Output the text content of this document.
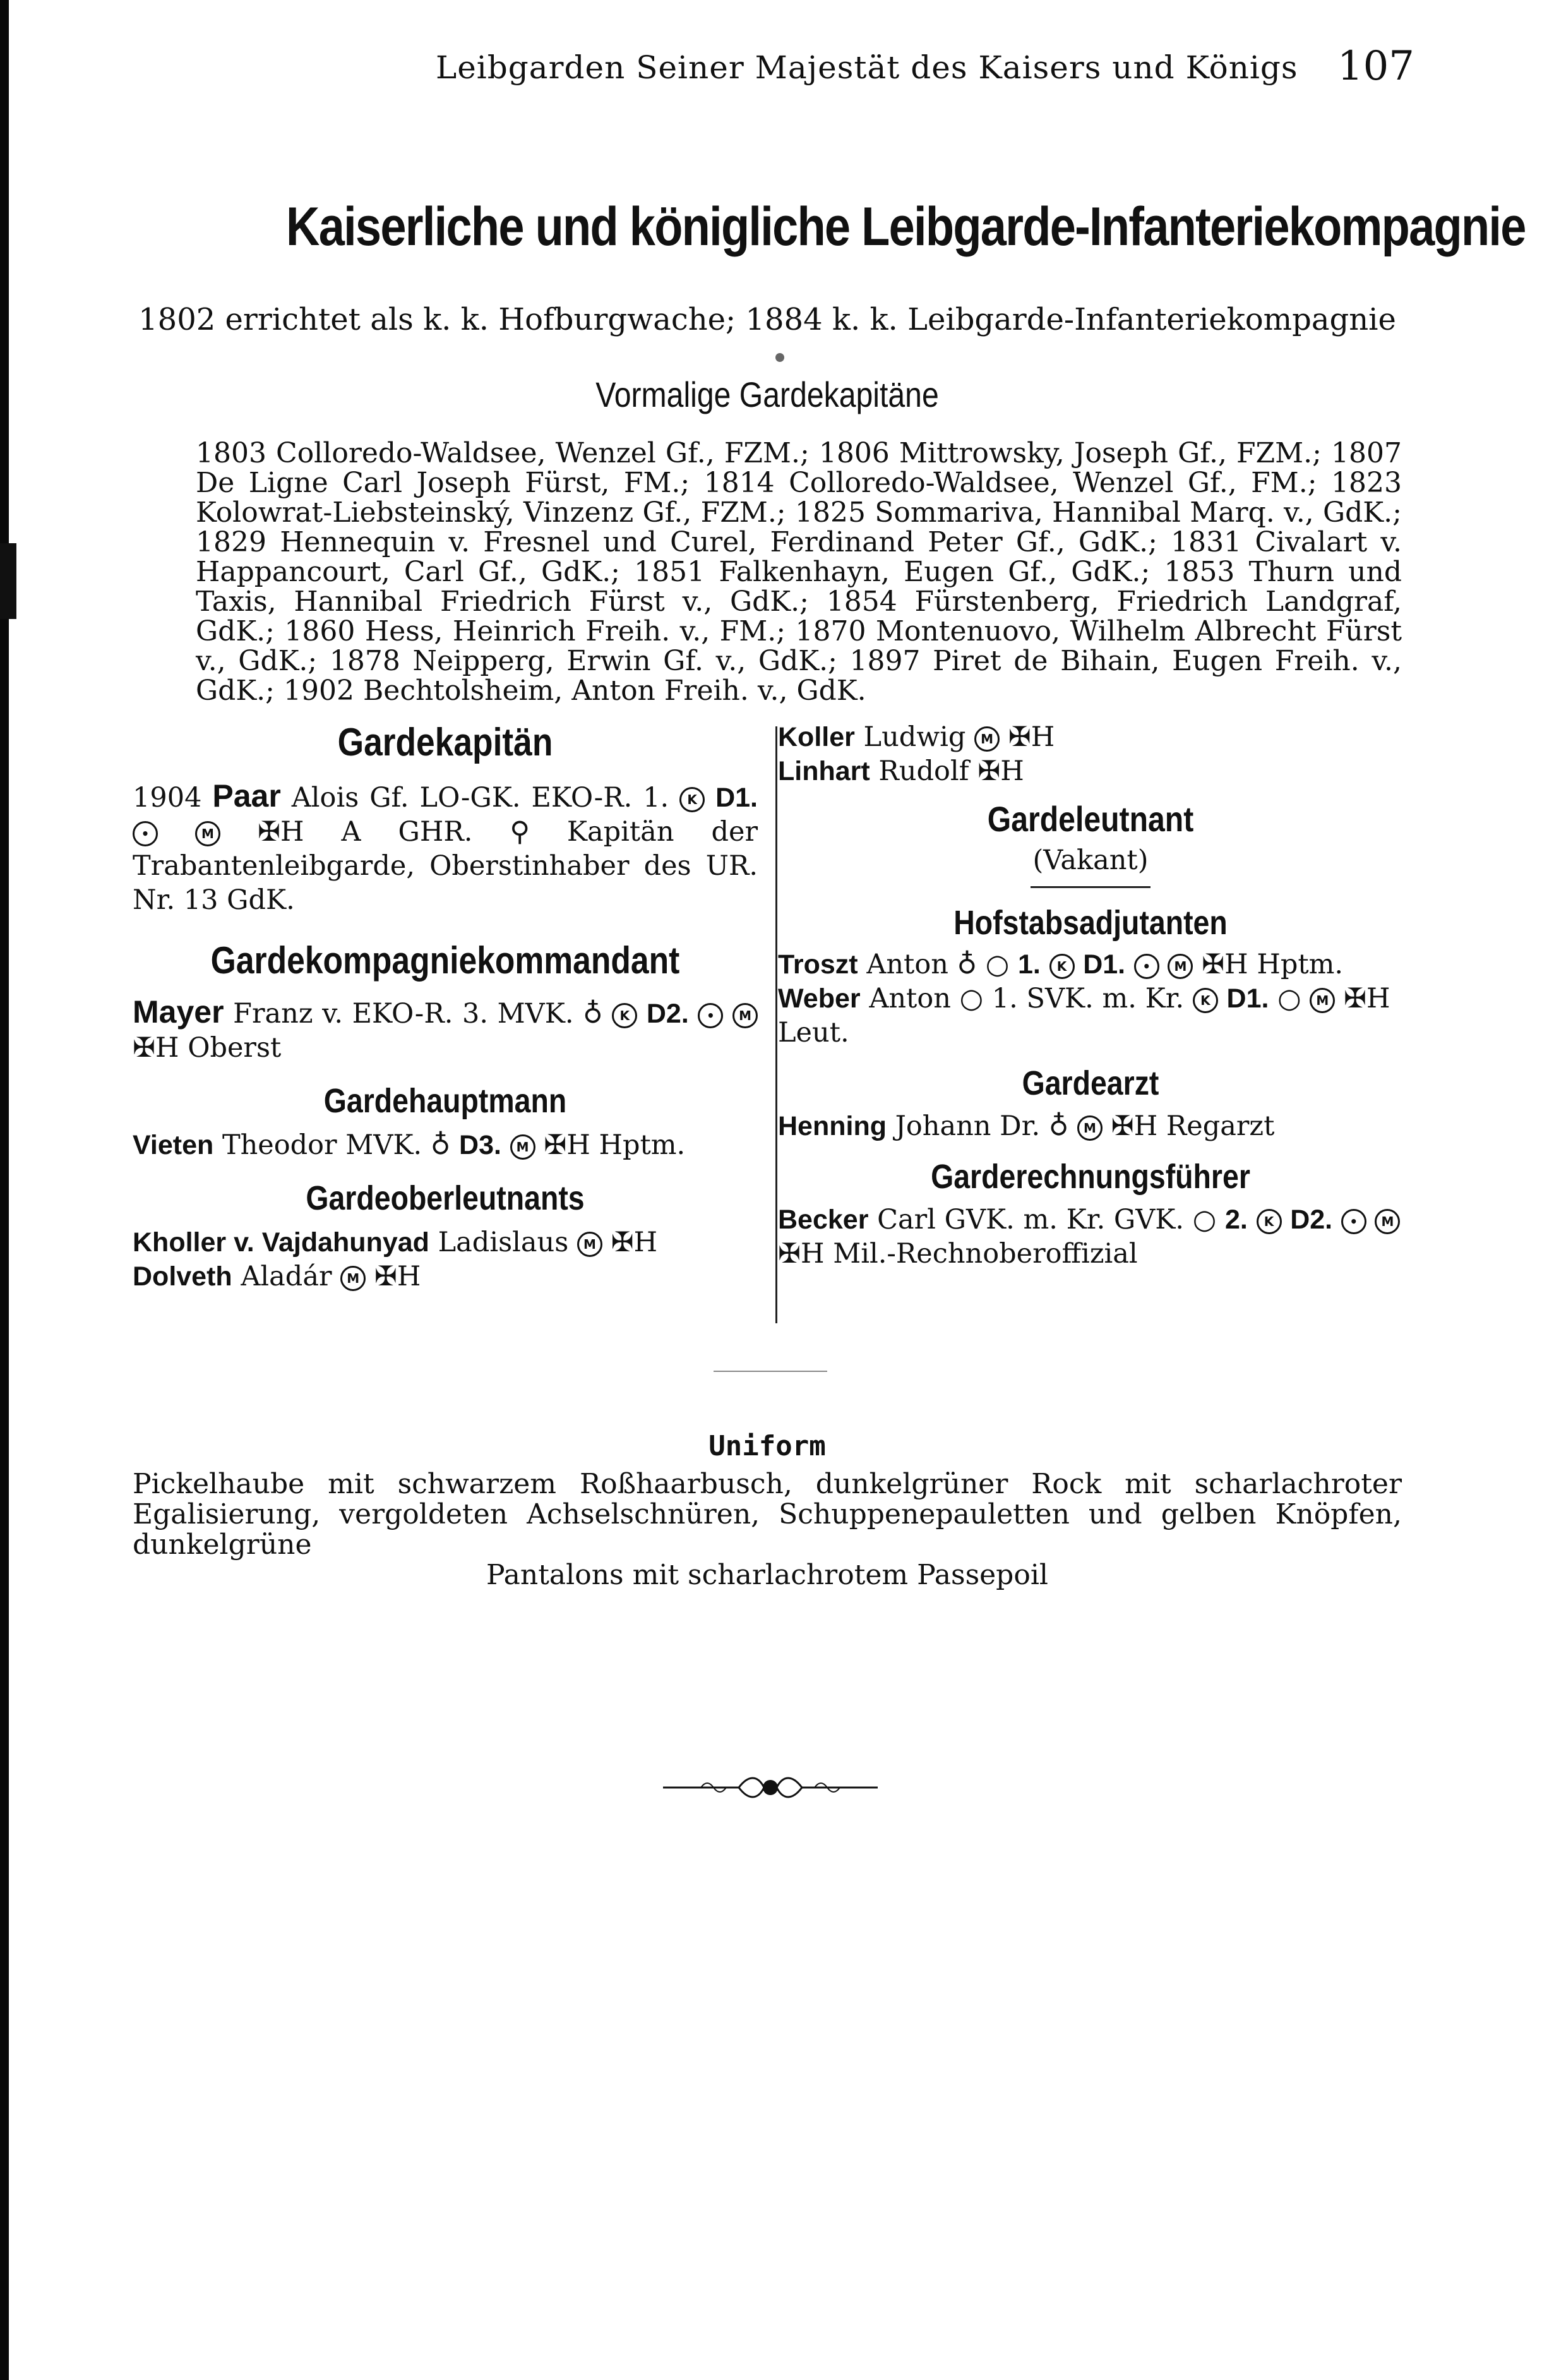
Leibgarden Seiner Majestät des Kaisers und Königs 107
Kaiserliche und königliche Leibgarde-Infanteriekompagnie
1802 errichtet als k. k. Hofburgwache; 1884 k. k. Leibgarde-Infanteriekompagnie
Vormalige Gardekapitäne
1803 Colloredo-Waldsee, Wenzel Gf., FZM.; 1806 Mittrowsky, Joseph Gf., FZM.; 1807 De Ligne Carl Joseph Fürst, FM.; 1814 Colloredo-Waldsee, Wenzel Gf., FM.; 1823 Kolowrat-Liebsteinský, Vinzenz Gf., FZM.; 1825 Sommariva, Hannibal Marq. v., GdK.; 1829 Hennequin v. Fresnel und Curel, Ferdinand Peter Gf., GdK.; 1831 Civalart v. Happancourt, Carl Gf., GdK.; 1851 Falkenhayn, Eugen Gf., GdK.; 1853 Thurn und Taxis, Hannibal Friedrich Fürst v., GdK.; 1854 Fürstenberg, Friedrich Landgraf, GdK.; 1860 Hess, Heinrich Freih. v., FM.; 1870 Montenuovo, Wilhelm Albrecht Fürst v., GdK.; 1878 Neipperg, Erwin Gf. v., GdK.; 1897 Piret de Bihain, Eugen Freih. v., GdK.; 1902 Bechtolsheim, Anton Freih. v., GdK.
Gardekapitän
1904 Paar Alois Gf. LO-GK. EKO-R. 1. K D1. •	M ✠H A GHR. ⚲ Kapitän der Trabantenleibgarde, Oberstinhaber des UR. Nr. 13 GdK.
Gardekompagniekommandant
Mayer Franz v. EKO-R. 3. MVK. ♁ K D2. • M ✠H Oberst
Gardehauptmann
Vieten Theodor MVK. ♁ D3. M ✠H Hptm.
Gardeoberleutnants
Kholler v. Vajdahunyad Ladislaus M ✠H
Dolveth Aladár M ✠H
Koller Ludwig M ✠H
Linhart Rudolf ✠H
Gardeleutnant
(Vakant)
Hofstabsadjutanten
Troszt Anton ♁ ○ 1. K D1. • M ✠H Hptm.
Weber Anton ○ 1. SVK. m. Kr. K D1. ○ M ✠H Leut.
Gardearzt
Henning Johann Dr. ♁ M ✠H Regarzt
Garderechnungsführer
Becker Carl GVK. m. Kr. GVK. ○ 2. K D2. • M ✠H Mil.-Rechnoberoffizial
Uniform
Pickelhaube mit schwarzem Roßhaarbusch, dunkelgrüner Rock mit scharlachroter Egalisierung, vergoldeten Achselschnüren, Schuppenepauletten und gelben Knöpfen, dunkelgrüne
Pantalons mit scharlachrotem Passepoil
